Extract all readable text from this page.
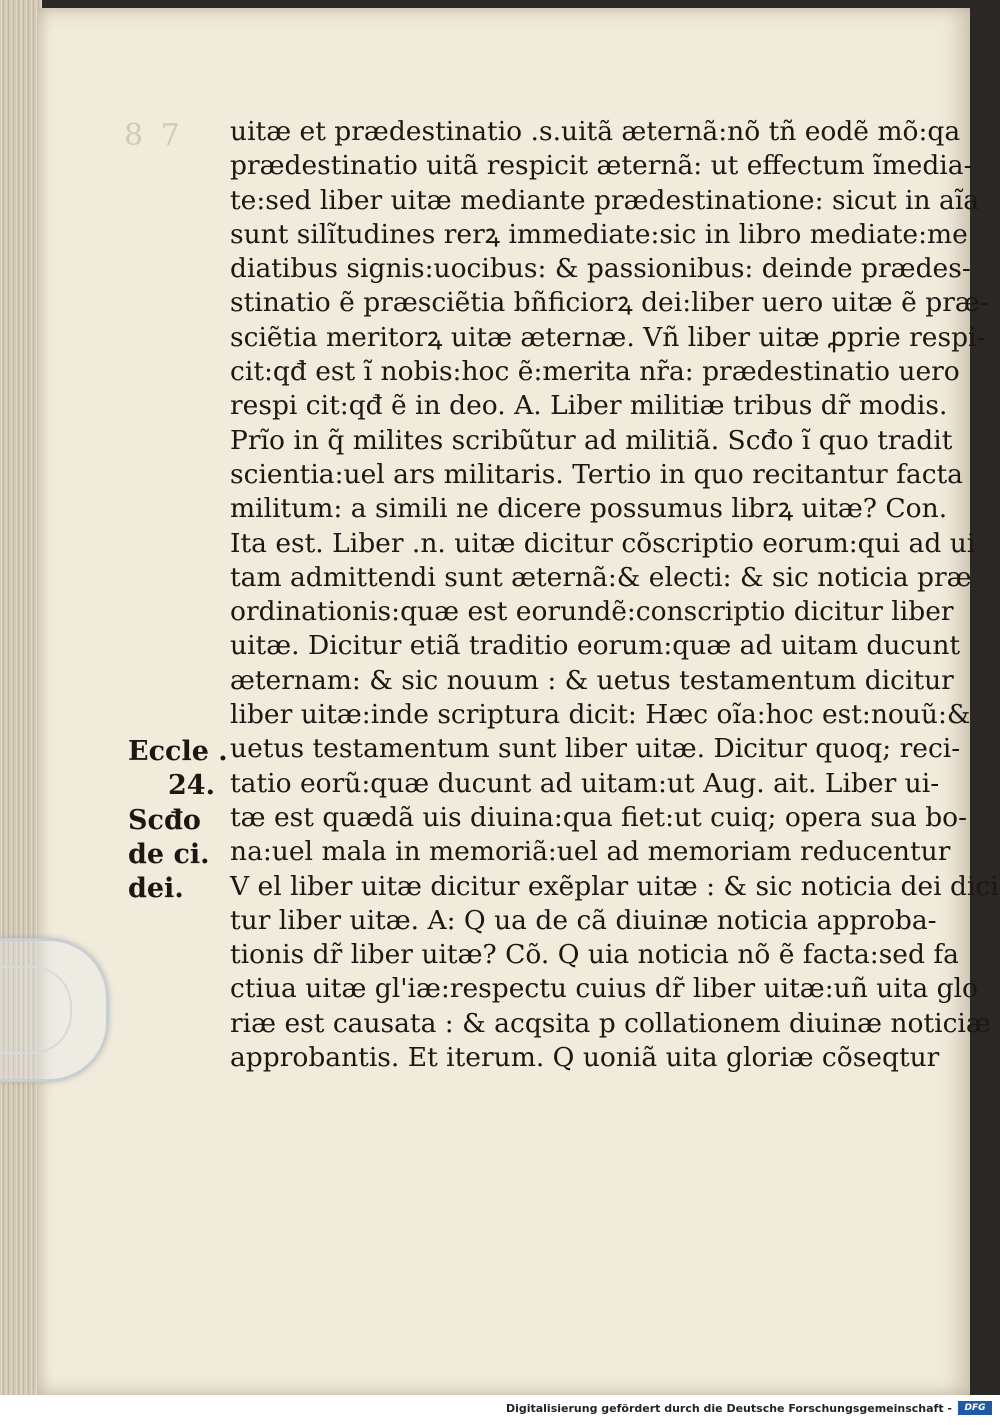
8 7 uitæ et prædestinatio .s.uitã æternã:nõ tñ eodẽ mõ:qa
prædestinatio uitã respicit æternã: ut effectum ĩmedia-
te:sed liber uitæ mediante prædestinatione: sicut in aĩa
sunt silĩtudines rerꝝ immediate:sic in libro mediate:me
diatibus signis:uocibus: & passionibus: deinde prædes-
stinatio ẽ præsciẽtia bñficiorꝝ dei:liber uero uitæ ẽ præ-
sciẽtia meritorꝝ uitæ æternæ. Vñ liber uitæ ꝓprie respi-
cit:qđ est ĩ nobis:hoc ẽ:merita nr̃a: prædestinatio uero
respi cit:qđ ẽ in deo. A. Liber militiæ tribus dr̃ modis.
Prĩo in q̃ milites scribũtur ad militiã. Scđo ĩ quo tradit
scientia:uel ars militaris. Tertio in quo recitantur facta
militum: a simili ne dicere possumus librꝝ uitæ? Con.
Ita est. Liber .n. uitæ dicitur cõscriptio eorum:qui ad ui
tam admittendi sunt æternã:& electi: & sic noticia præ
ordinationis:quæ est eorundẽ:conscriptio dicitur liber
uitæ. Dicitur etiã traditio eorum:quæ ad uitam ducunt
æternam: & sic nouum : & uetus testamentum dicitur
liber uitæ:inde scriptura dicit: Hæc oĩa:hoc est:nouũ:&
uetus testamentum sunt liber uitæ. Dicitur quoq; reci-
tatio eorũ:quæ ducunt ad uitam:ut Aug. ait. Liber ui-
tæ est quædã uis diuina:qua fiet:ut cuiq; opera sua bo-
na:uel mala in memoriã:uel ad memoriam reducentur
V el liber uitæ dicitur exẽplar uitæ : & sic noticia dei dici
tur liber uitæ. A: Q ua de cã diuinæ noticia approba-
tionis dr̃ liber uitæ? Cõ. Q uia noticia nõ ẽ facta:sed fa
ctiua uitæ gl'iæ:respectu cuius dr̃ liber uitæ:uñ uita glo
riæ est causata : & acqsita p collationem diuinæ noticiæ
approbantis. Et iterum. Q uoniã uita gloriæ cõseqtur
Eccle .
24.
Scđo
de ci.
dei.
Digitalisierung gefördert durch die Deutsche Forschungsgemeinschaft -	DFG
